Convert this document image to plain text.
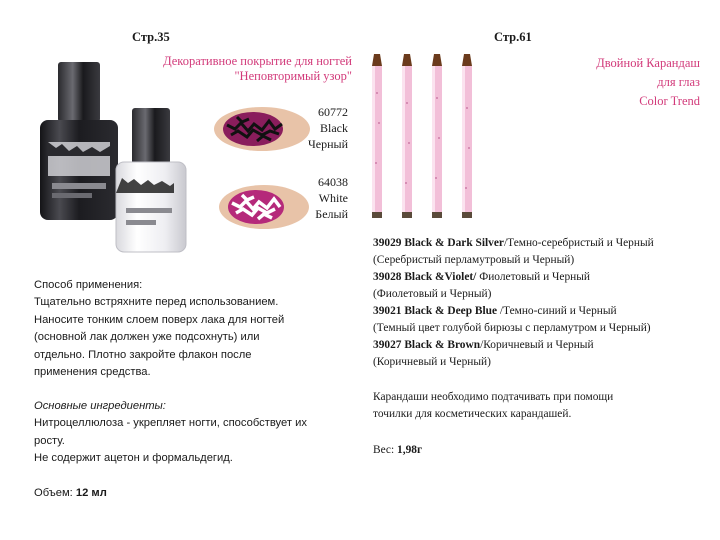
Стр.35
Декоративное покрытие для ногтей
"Неповторимый узор"
60772
Black
Черный
64038
White
Белый
Способ применения:
Тщательно встряхните перед использованием.
Наносите тонким слоем поверх лака для ногтей
(основной лак должен уже подсохнуть) или
отдельно. Плотно закройте флакон после
применения средства.
Основные ингредиенты:
Нитроцеллюлоза - укрепляет ногти, способствует их
росту.
Не содержит ацетон и формальдегид.
Объем: 12 мл
Стр.61
Двойной Карандаш
для глаз
Color Trend

39029 Black & Dark Silver/Темно-серебристый и Черный

(Серебристый перламутровый и Черный)

39028 Black &Violet/ Фиолетовый и Черный

(Фиолетовый и Черный)

39021 Black & Deep Blue /Темно-синий и Черный

(Темный цвет голубой бирюзы с перламутром и Черный)

39027 Black & Brown/Коричневый и Черный

(Коричневый и Черный)

Карандаши необходимо подтачивать при помощи

точилки для косметических карандашей.

Вес: 1,98г
